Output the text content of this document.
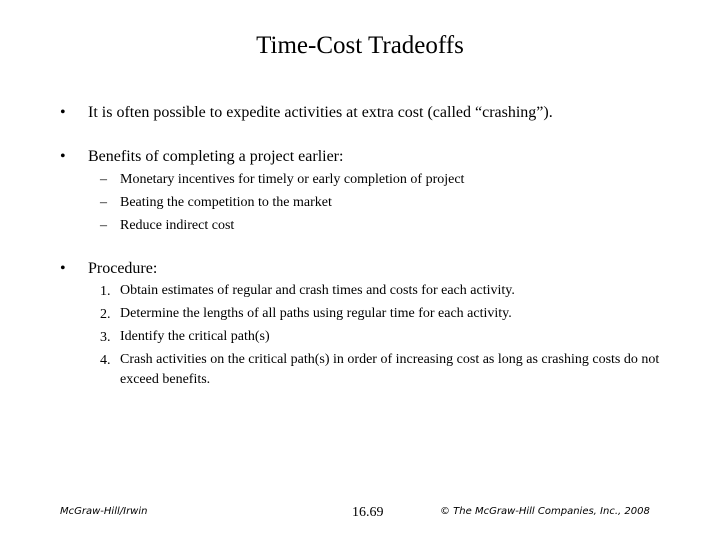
Time-Cost Tradeoffs
• It is often possible to expedite activities at extra cost (called “crashing”).
• Benefits of completing a project earlier:
– Monetary incentives for timely or early completion of project
– Beating the competition to the market
– Reduce indirect cost
• Procedure:
1. Obtain estimates of regular and crash times and costs for each activity.
2. Determine the lengths of all paths using regular time for each activity.
3. Identify the critical path(s)
4. Crash activities on the critical path(s) in order of increasing cost as long as crashing costs do not exceed benefits.
McGraw-Hill/Irwin	16.69	© The McGraw-Hill Companies, Inc., 2008
